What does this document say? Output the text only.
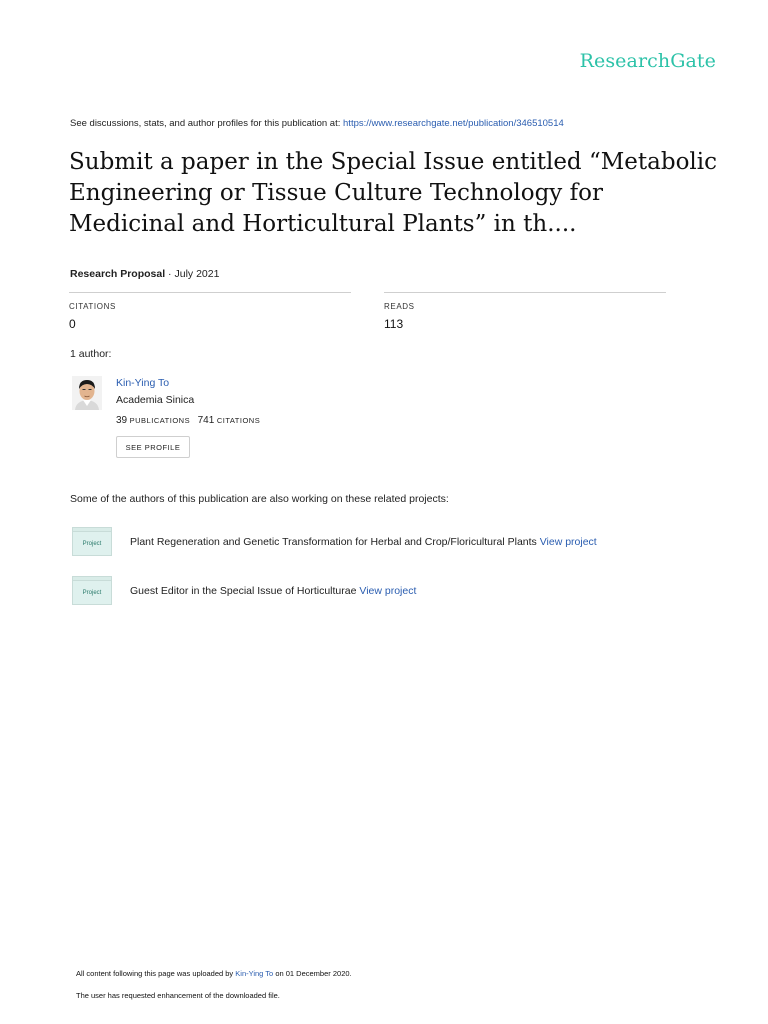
ResearchGate
See discussions, stats, and author profiles for this publication at: https://www.researchgate.net/publication/346510514
Submit a paper in the Special Issue entitled “Metabolic Engineering or Tissue Culture Technology for Medicinal and Horticultural Plants” in th....
Research Proposal · July 2021
CITATIONS
0
READS
113
1 author:
Kin-Ying To
Academia Sinica
39 PUBLICATIONS 741 CITATIONS
SEE PROFILE
Some of the authors of this publication are also working on these related projects:
Project	Plant Regeneration and Genetic Transformation for Herbal and Crop/Floricultural Plants View project
Project	Guest Editor in the Special Issue of Horticulturae View project
All content following this page was uploaded by Kin-Ying To on 01 December 2020.
The user has requested enhancement of the downloaded file.
